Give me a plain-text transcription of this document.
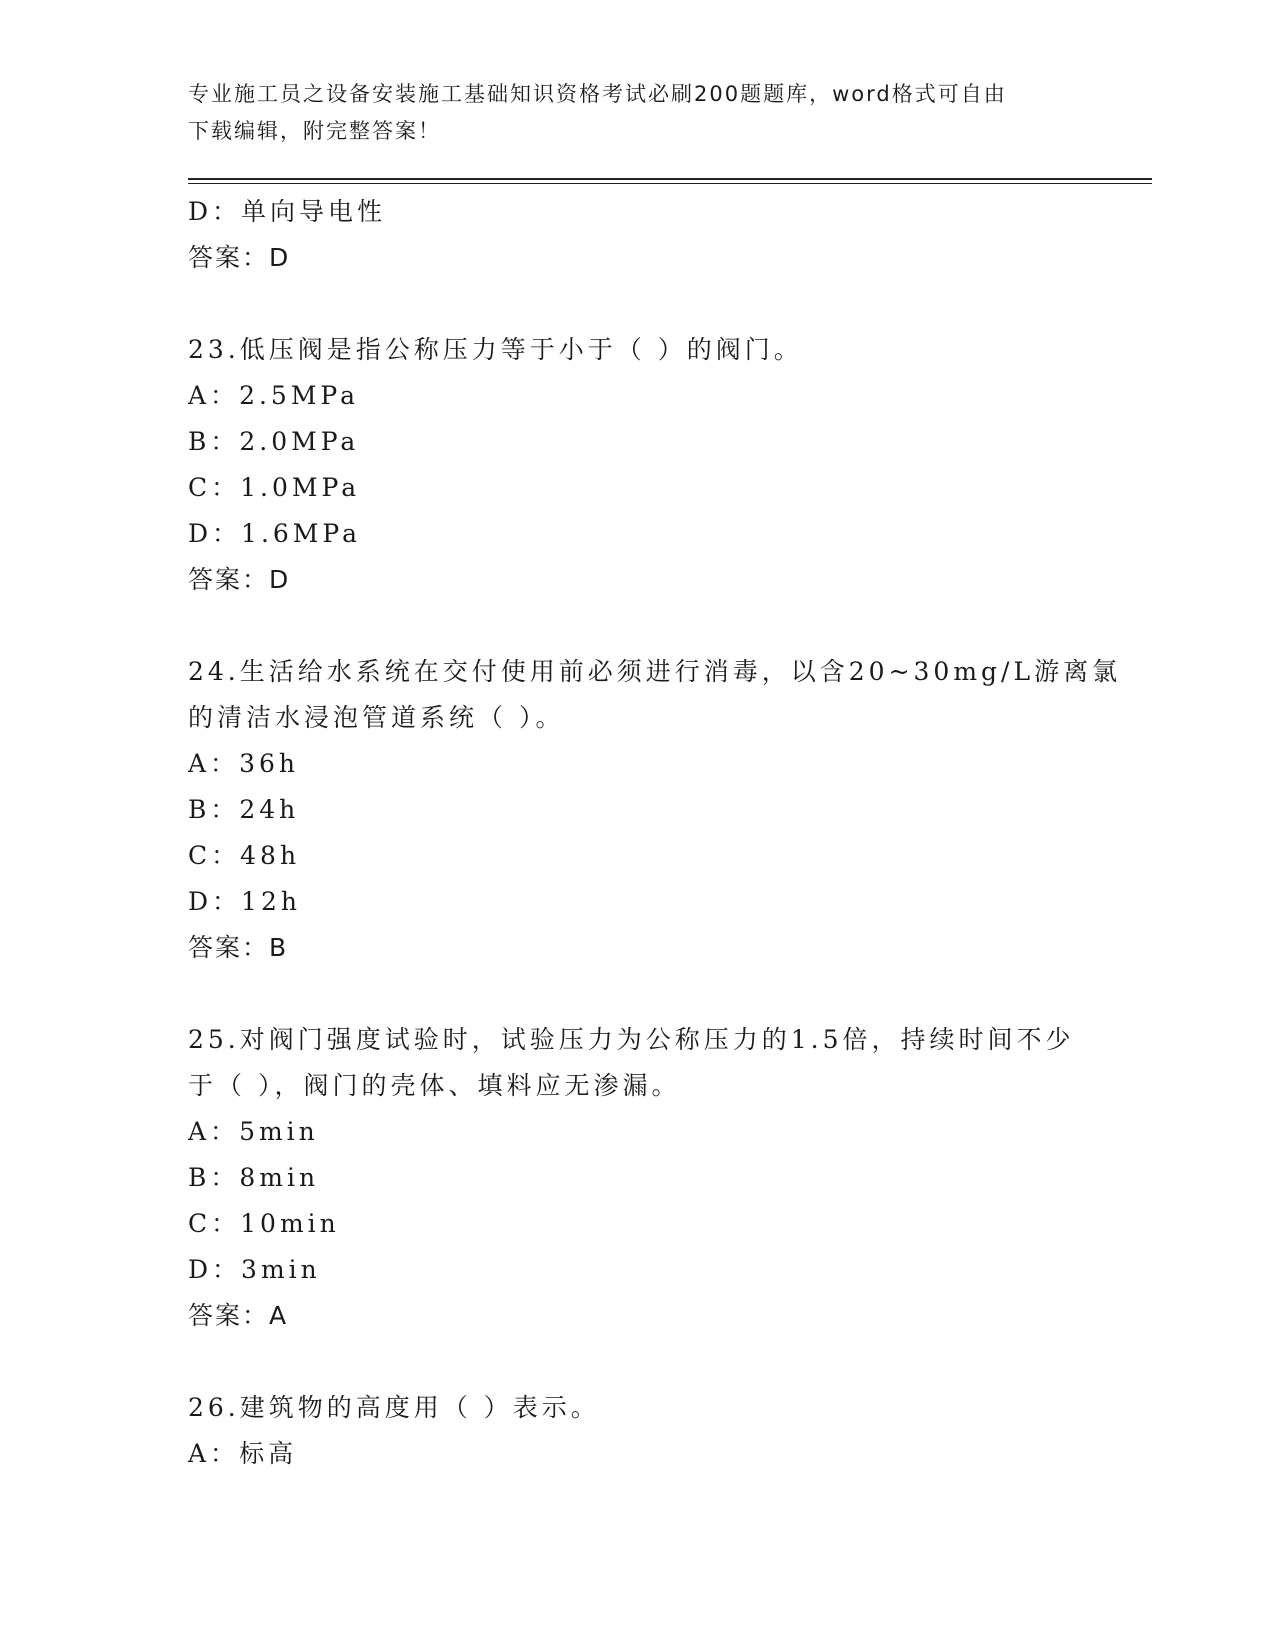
专业施工员之设备安装施工基础知识资格考试必刷200题题库，word格式可自由
下载编辑，附完整答案！
D：单向导电性
答案：D
23.低压阀是指公称压力等于小于（ ）的阀门。
A：2.5MPa
B：2.0MPa
C：1.0MPa
D：1.6MPa
答案：D
24.生活给水系统在交付使用前必须进行消毒，以含20~30mg/L游离氯
的清洁水浸泡管道系统（ ）。
A：36h
B：24h
C：48h
D：12h
答案：B
25.对阀门强度试验时，试验压力为公称压力的1.5倍，持续时间不少
于（ ），阀门的壳体、填料应无渗漏。
A：5min
B：8min
C：10min
D：3min
答案：A
26.建筑物的高度用（ ）表示。
A：标高
